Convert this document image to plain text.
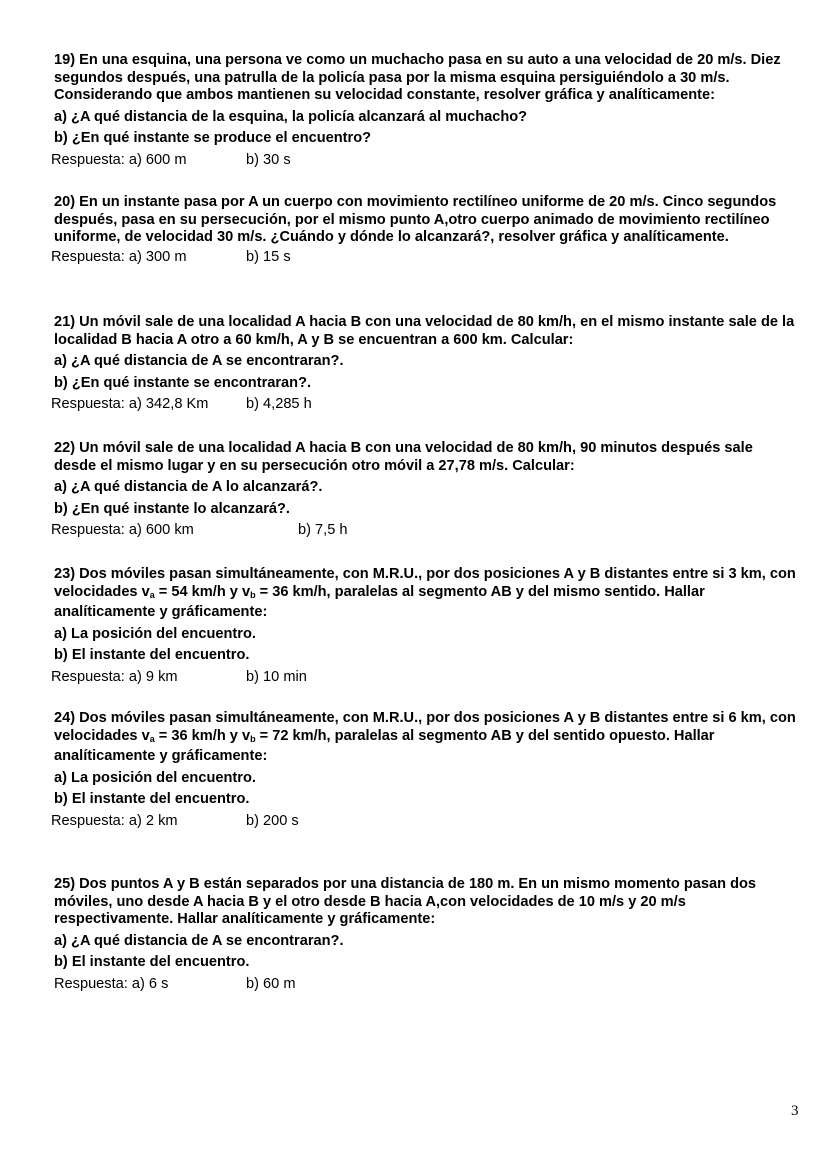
19) En una esquina, una persona ve como un muchacho pasa en su auto a una velocidad de 20 m/s. Diez segundos después, una patrulla de la policía pasa por la misma esquina persiguiéndolo a 30 m/s. Considerando que ambos mantienen su velocidad constante, resolver gráfica y analíticamente:
a) ¿A qué distancia de la esquina, la policía alcanzará al muchacho?
b) ¿En qué instante se produce el encuentro?
Respuesta: a) 600 m	b) 30 s
20) En un instante pasa por A un cuerpo con movimiento rectilíneo uniforme de 20 m/s. Cinco segundos después, pasa en su persecución, por el mismo punto A,otro cuerpo animado de movimiento rectilíneo uniforme, de velocidad 30 m/s. ¿Cuándo y dónde lo alcanzará?, resolver gráfica y analíticamente.
Respuesta: a) 300 m	b) 15 s
21) Un móvil sale de una localidad A hacia B con una velocidad de 80 km/h, en el mismo instante sale de la localidad B hacia A otro a 60 km/h, A y B se encuentran a 600 km. Calcular:
a) ¿A qué distancia de A se encontraran?.
b) ¿En qué instante se encontraran?.
Respuesta: a) 342,8 Km	b) 4,285 h
22) Un móvil sale de una localidad A hacia B con una velocidad de 80 km/h, 90 minutos después sale desde el mismo lugar y en su persecución otro móvil a 27,78 m/s. Calcular:
a) ¿A qué distancia de A lo alcanzará?.
b) ¿En qué instante lo alcanzará?.
Respuesta: a) 600 km	b) 7,5 h
23) Dos móviles pasan simultáneamente, con M.R.U., por dos posiciones A y B distantes entre si 3 km, con velocidades $v_a = 54$ km/h y $v_b = 36$ km/h, paralelas al segmento AB y del mismo sentido. Hallar analíticamente y gráficamente:
a) La posición del encuentro.
b) El instante del encuentro.
Respuesta: a) 9 km	b) 10 min
24) Dos móviles pasan simultáneamente, con M.R.U., por dos posiciones A y B distantes entre si 6 km, con velocidades $v_a = 36$ km/h y $v_b = 72$ km/h, paralelas al segmento AB y del sentido opuesto. Hallar analíticamente y gráficamente:
a) La posición del encuentro.
b) El instante del encuentro.
Respuesta: a) 2 km	b) 200 s
25) Dos puntos A y B están separados por una distancia de 180 m. En un mismo momento pasan dos móviles, uno desde A hacia B y el otro desde B hacia A,con velocidades de 10 m/s y 20 m/s respectivamente. Hallar analíticamente y gráficamente:
a) ¿A qué distancia de A se encontraran?.
b) El instante del encuentro.
Respuesta: a) 6 s	b) 60 m
3
